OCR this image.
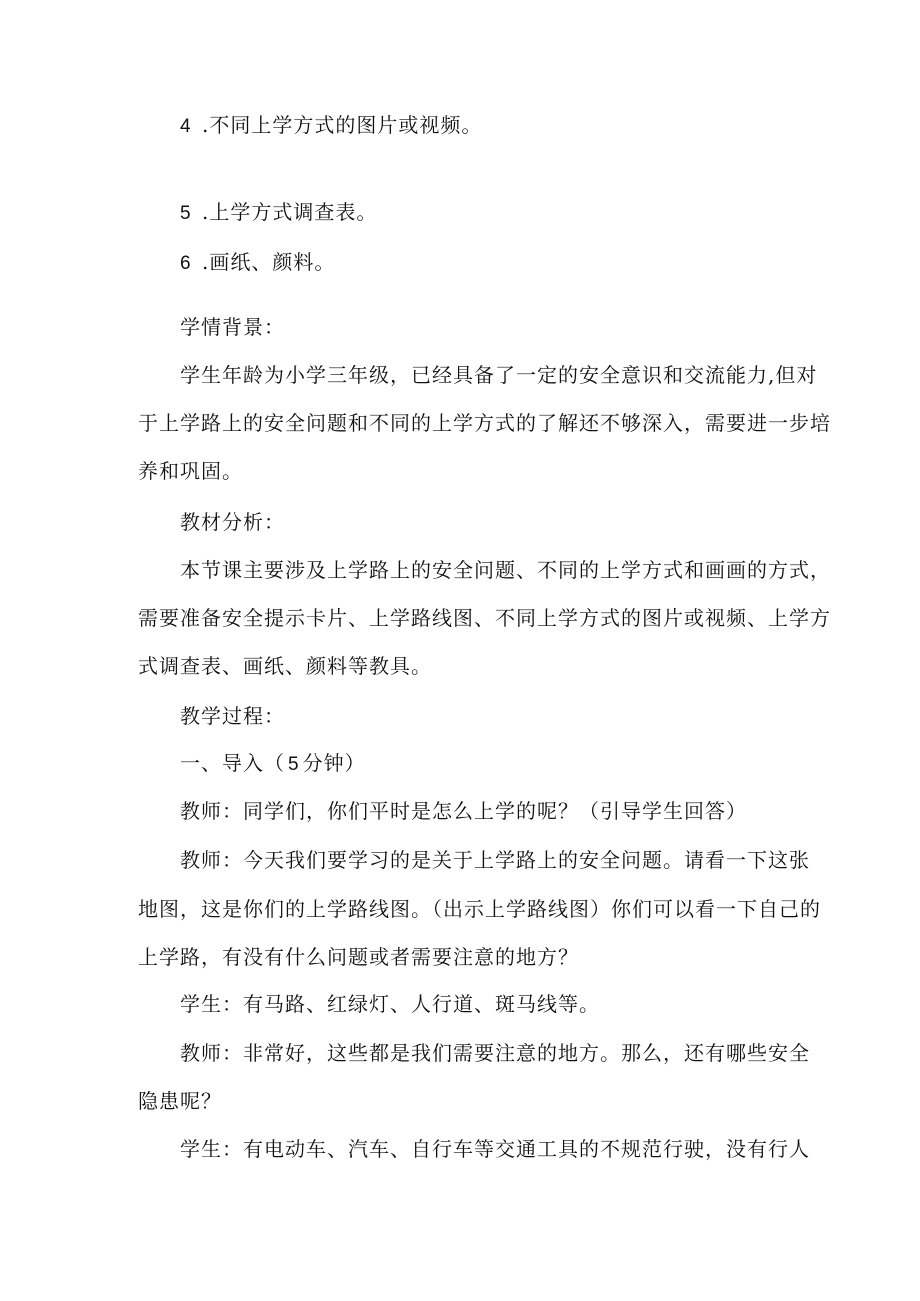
4 .不同上学方式的图片或视频。
5 .上学方式调查表。
6 .画纸、颜料。
学情背景：
学生年龄为小学三年级，已经具备了一定的安全意识和交流能力,但对
于上学路上的安全问题和不同的上学方式的了解还不够深入，需要进一步培
养和巩固。
教材分析：
本节课主要涉及上学路上的安全问题、不同的上学方式和画画的方式，
需要准备安全提示卡片、上学路线图、不同上学方式的图片或视频、上学方
式调查表、画纸、颜料等教具。
教学过程：
一、导入（ 5 分钟）
教师：同学们，你们平时是怎么上学的呢？（引导学生回答）
教师：今天我们要学习的是关于上学路上的安全问题。请看一下这张
地图，这是你们的上学路线图。（出示上学路线图）你们可以看一下自己的
上学路，有没有什么问题或者需要注意的地方？
学生：有马路、红绿灯、人行道、斑马线等。
教师：非常好，这些都是我们需要注意的地方。那么，还有哪些安全
隐患呢？
学生：有电动车、汽车、自行车等交通工具的不规范行驶，没有行人
